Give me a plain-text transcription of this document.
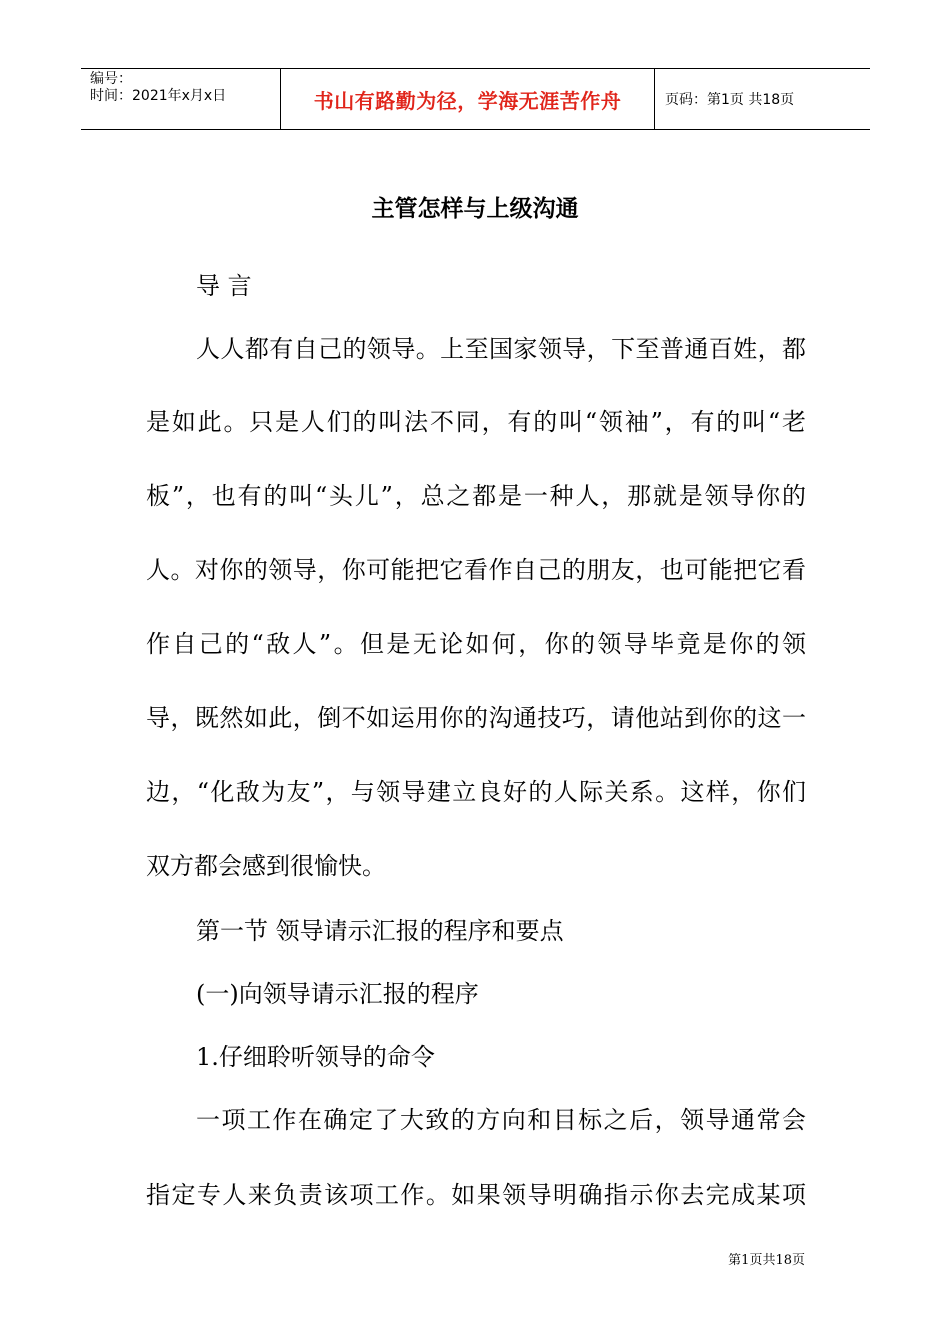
编号：
时间：2021年x月x日	书山有路勤为径，学海无涯苦作舟	页码：第1页 共18页
主管怎样与上级沟通
导 言
人人都有自己的领导。上至国家领导，下至普通百姓，都
是如此。只是人们的叫法不同，有的叫“领袖”，有的叫“老
板”，也有的叫“头儿”，总之都是一种人，那就是领导你的
人。对你的领导，你可能把它看作自己的朋友，也可能把它看
作自己的“敌人”。但是无论如何，你的领导毕竟是你的领
导，既然如此，倒不如运用你的沟通技巧，请他站到你的这一
边，“化敌为友”，与领导建立良好的人际关系。这样，你们
双方都会感到很愉快。
第一节 领导请示汇报的程序和要点
(一)向领导请示汇报的程序
1.仔细聆听领导的命令
一项工作在确定了大致的方向和目标之后，领导通常会
指定专人来负责该项工作。如果领导明确指示你去完成某项
第1页共18页
